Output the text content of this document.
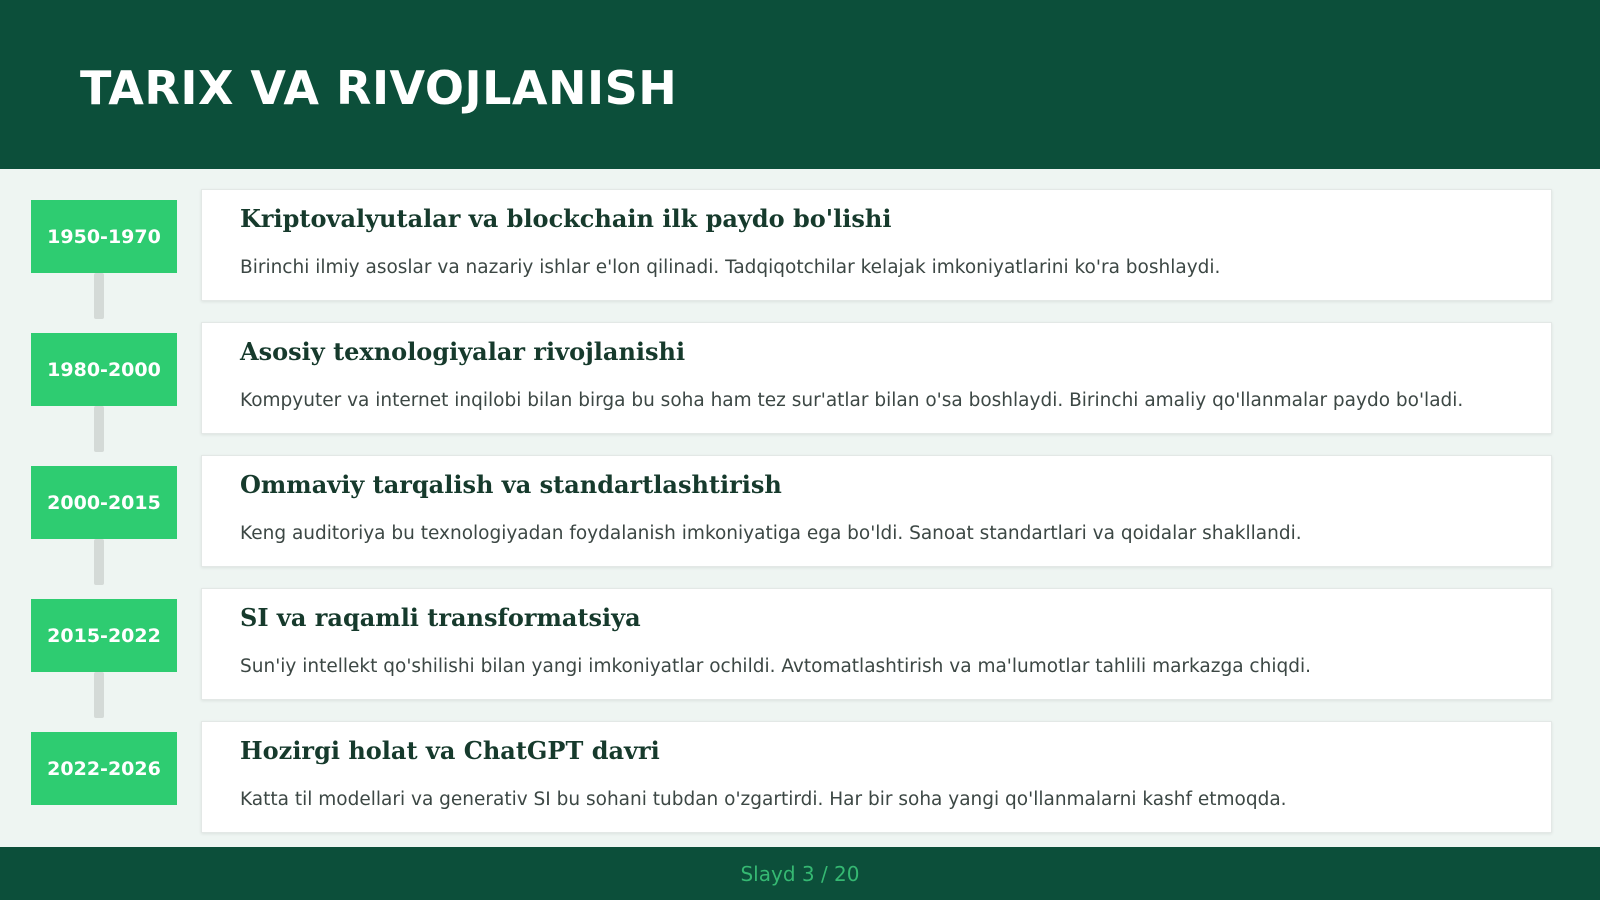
TARIX VA RIVOJLANISH
1950-1970
Kriptovalyutalar va blockchain ilk paydo bo'lishi

Birinchi ilmiy asoslar va nazariy ishlar e'lon qilinadi. Tadqiqotchilar kelajak imkoniyatlarini ko'ra boshlaydi.

1980-2000
Asosiy texnologiyalar rivojlanishi

Kompyuter va internet inqilobi bilan birga bu soha ham tez sur'atlar bilan o'sa boshlaydi. Birinchi amaliy qo'llanmalar paydo bo'ladi.

2000-2015
Ommaviy tarqalish va standartlashtirish

Keng auditoriya bu texnologiyadan foydalanish imkoniyatiga ega bo'ldi. Sanoat standartlari va qoidalar shakllandi.

2015-2022
SI va raqamli transformatsiya

Sun'iy intellekt qo'shilishi bilan yangi imkoniyatlar ochildi. Avtomatlashtirish va ma'lumotlar tahlili markazga chiqdi.

2022-2026
Hozirgi holat va ChatGPT davri

Katta til modellari va generativ SI bu sohani tubdan o'zgartirdi. Har bir soha yangi qo'llanmalarni kashf etmoqda.

Slayd 3 / 20
